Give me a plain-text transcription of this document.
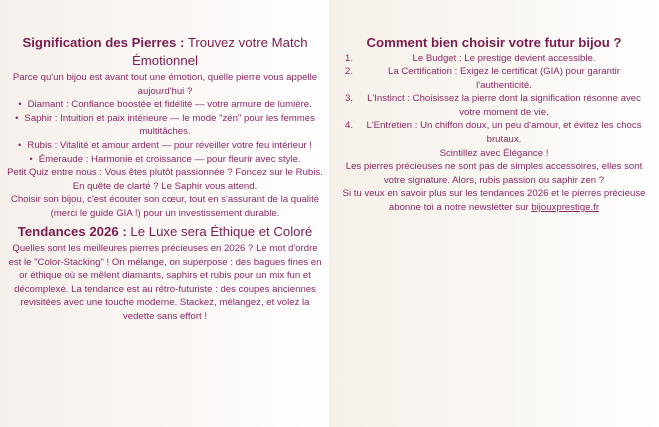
Signification des Pierres : Trouvez votre Match Émotionnel

Parce qu'un bijou est avant tout une émotion, quelle pierre vous appelle aujourd'hui ?

• Diamant : Confiance boostée et fidélité — votre armure de lumière.
• Saphir : Intuition et paix intérieure — le mode "zen" pour les femmes multitâches.
• Rubis : Vitalité et amour ardent — pour réveiller votre feu intérieur !
• Émeraude : Harmonie et croissance — pour fleurir avec style.

Petit Quiz entre nous : Vous êtes plutôt passionnée ? Foncez sur le Rubis. En quête de clarté ? Le Saphir vous attend.

Choisir son bijou, c'est écouter son cœur, tout en s'assurant de la qualité (merci le guide GIA !) pour un investissement durable.

Tendances 2026 : Le Luxe sera Éthique et Coloré

Quelles sont les meilleures pierres précieuses en 2026 ? Le mot d'ordre est le "Color-Stacking" ! On mélange, on superpose : des bagues fines en or éthique où se mêlent diamants, saphirs et rubis pour un mix fun et décomplexé. La tendance est au rétro-futuriste : des coupes anciennes revisitées avec une touche moderne. Stackez, mélangez, et volez la vedette sans effort !

Comment bien choisir votre futur bijou ?
1.	Le Budget : Le prestige devient accessible.
2.	La Certification : Exigez le certificat (GIA) pour garantir l'authenticité.
3. L'Instinct : Choisissez la pierre dont la signification résonne avec votre moment de vie.
4. L'Entretien : Un chiffon doux, un peu d'amour, et évitez les chocs brutaux.

Scintillez avec Élégance !

Les pierres précieuses ne sont pas de simples accessoires, elles sont votre signature. Alors, rubis passion ou saphir zen ?

Si tu veux en savoir plus sur les tendances 2026 et le pierres précieuse abonne toi a notre newsletter sur bijouxprestige.fr
